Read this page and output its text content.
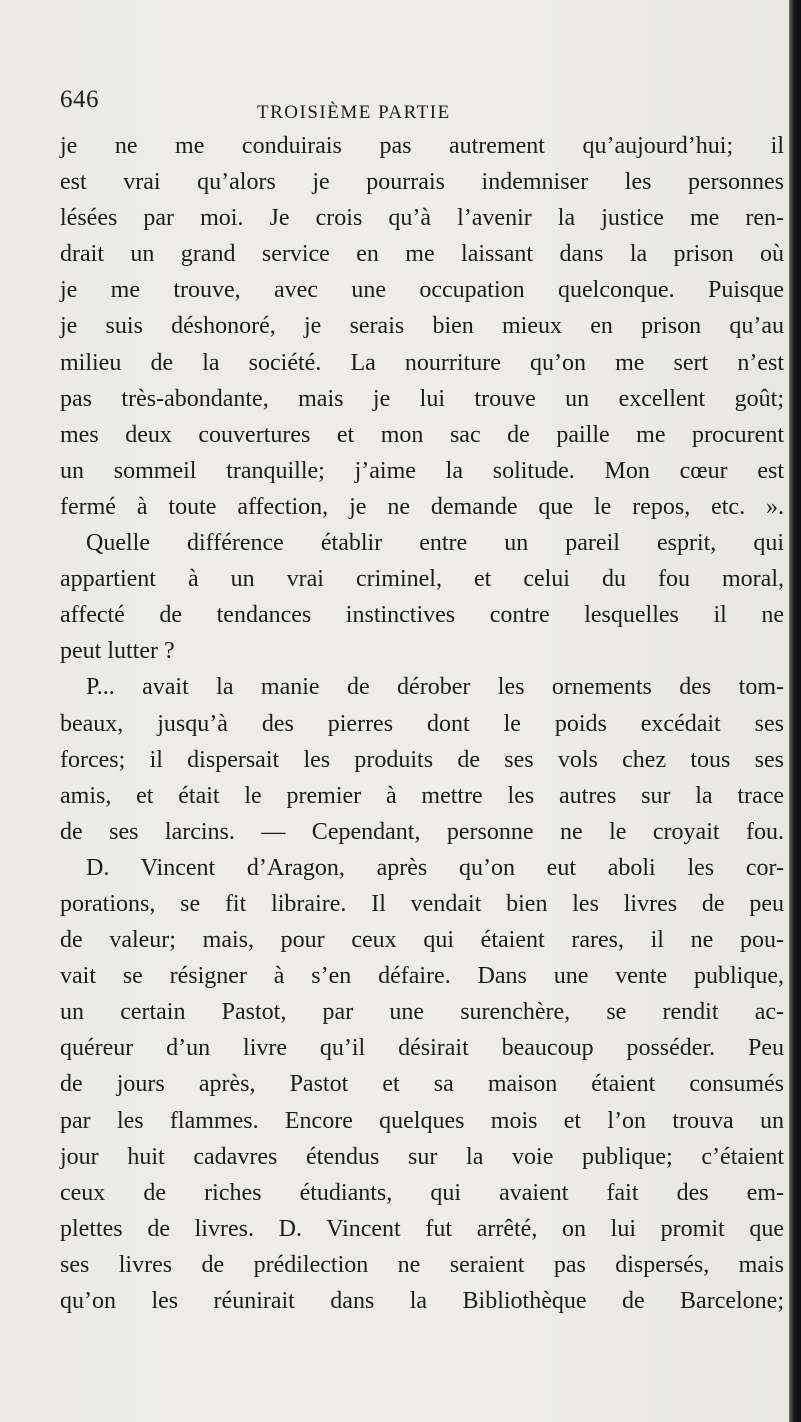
646	TROISIÈME PARTIE
je ne me conduirais pas autrement qu’aujourd’hui; il
est vrai qu’alors je pourrais indemniser les personnes
lésées par moi. Je crois qu’à l’avenir la justice me ren-
drait un grand service en me laissant dans la prison où
je me trouve, avec une occupation quelconque. Puisque
je suis déshonoré, je serais bien mieux en prison qu’au
milieu de la société. La nourriture qu’on me sert n’est
pas très-abondante, mais je lui trouve un excellent goût;
mes deux couvertures et mon sac de paille me procurent
un sommeil tranquille; j’aime la solitude. Mon cœur est
fermé à toute affection, je ne demande que le repos, etc. ».
Quelle différence établir entre un pareil esprit, qui
appartient à un vrai criminel, et celui du fou moral,
affecté de tendances instinctives contre lesquelles il ne
peut lutter ?
P... avait la manie de dérober les ornements des tom-
beaux, jusqu’à des pierres dont le poids excédait ses
forces; il dispersait les produits de ses vols chez tous ses
amis, et était le premier à mettre les autres sur la trace
de ses larcins. — Cependant, personne ne le croyait fou.
D. Vincent d’Aragon, après qu’on eut aboli les cor-
porations, se fit libraire. Il vendait bien les livres de peu
de valeur; mais, pour ceux qui étaient rares, il ne pou-
vait se résigner à s’en défaire. Dans une vente publique,
un certain Pastot, par une surenchère, se rendit ac-
quéreur d’un livre qu’il désirait beaucoup posséder. Peu
de jours après, Pastot et sa maison étaient consumés
par les flammes. Encore quelques mois et l’on trouva un
jour huit cadavres étendus sur la voie publique; c’étaient
ceux de riches étudiants, qui avaient fait des em-
plettes de livres. D. Vincent fut arrêté, on lui promit que
ses livres de prédilection ne seraient pas dispersés, mais
qu’on les réunirait dans la Bibliothèque de Barcelone;
